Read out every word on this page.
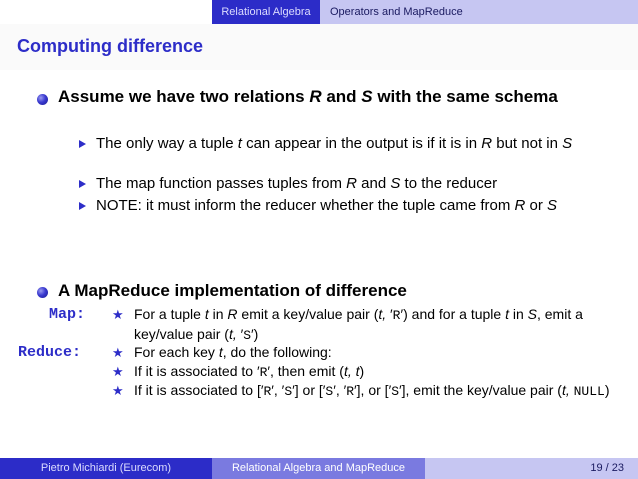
Relational Algebra	Operators and MapReduce
Computing difference
Assume we have two relations R and S with the same schema
The only way a tuple t can appear in the output is if it is in R but not in S
The map function passes tuples from R and S to the reducer
NOTE: it must inform the reducer whether the tuple came from R or S
A MapReduce implementation of difference
Map: ★ For a tuple t in R emit a key/value pair (t, ′R′) and for a tuple t in S, emit a key/value pair (t, ′S′)
Reduce: ★ For each key t, do the following:
★ If it is associated to ′R′, then emit (t, t)
★ If it is associated to [′R′, ′S′] or [′S′, ′R′], or [′S′], emit the key/value pair (t, NULL)
Pietro Michiardi (Eurecom)	Relational Algebra and MapReduce	19 / 23
